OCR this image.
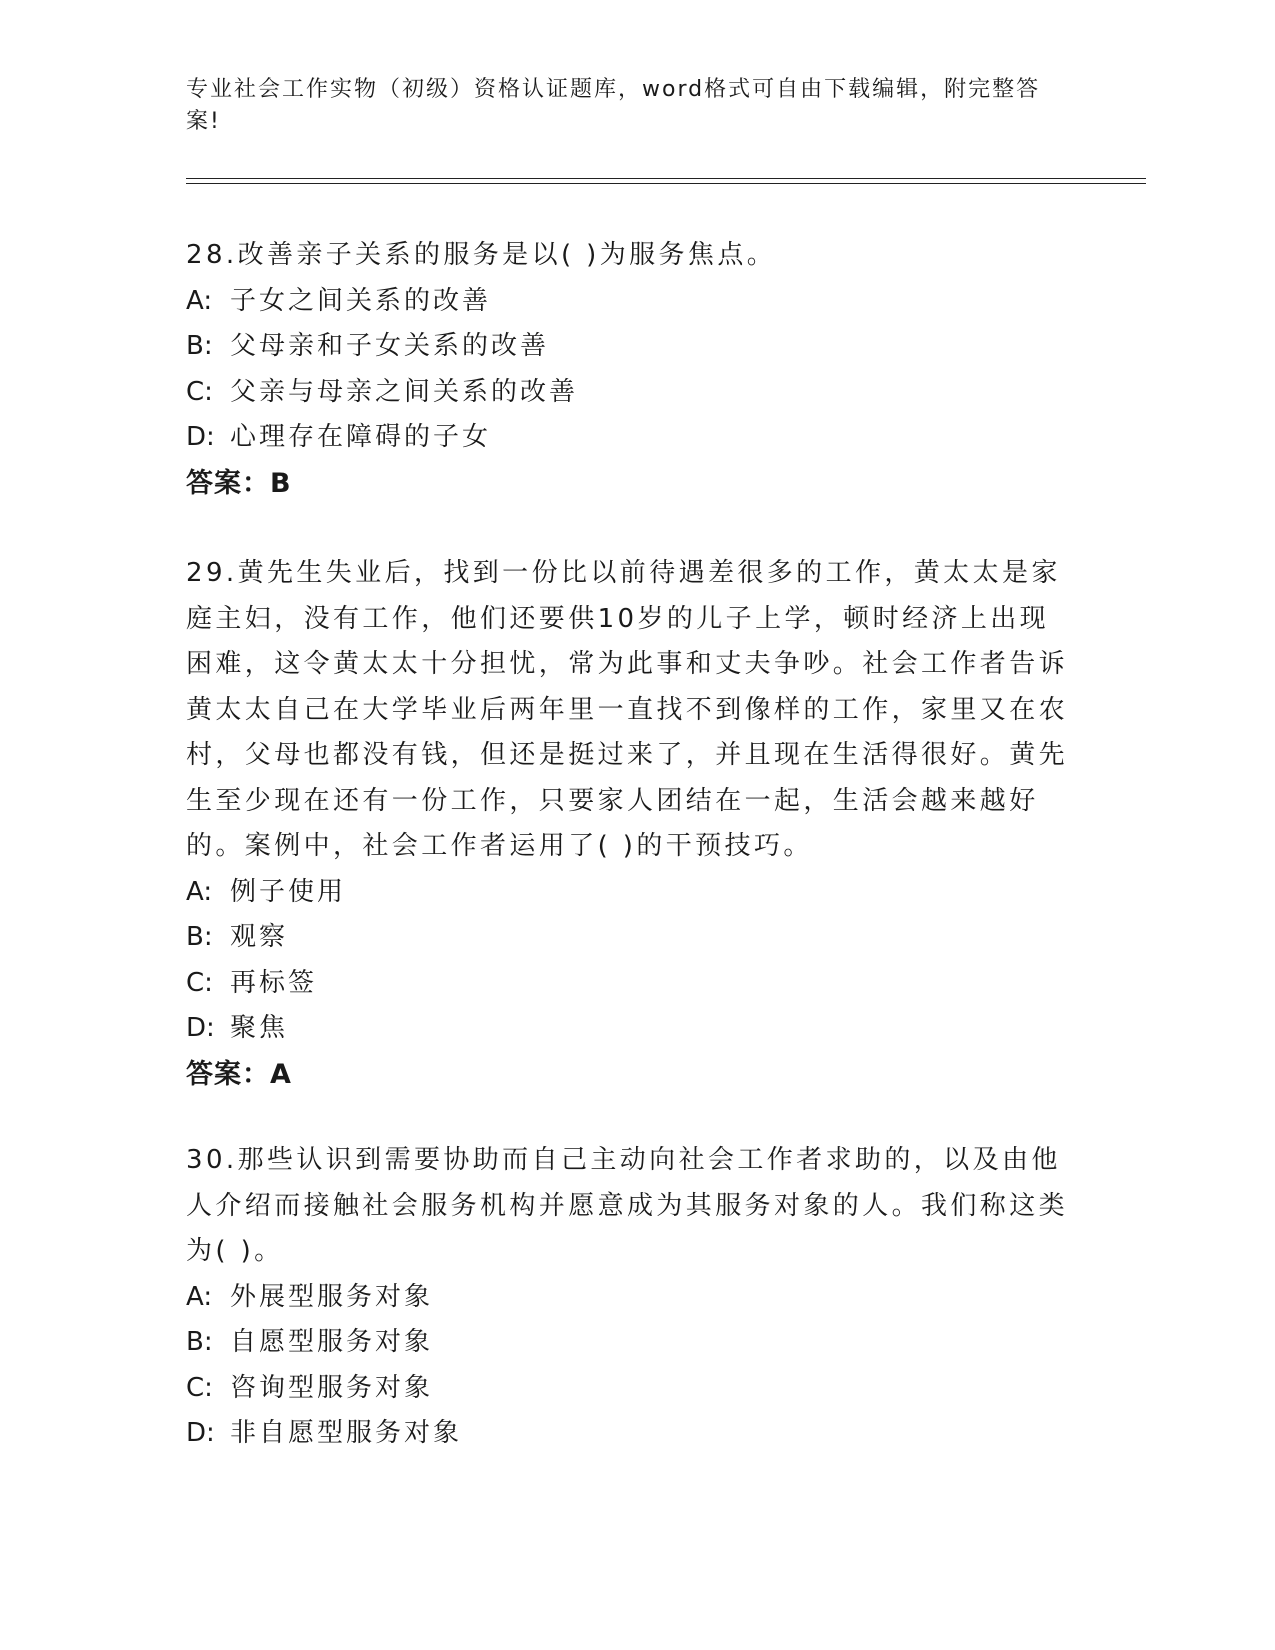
专业社会工作实物（初级）资格认证题库，word格式可自由下载编辑，附完整答案!

28.改善亲子关系的服务是以( )为服务焦点。

A: 子女之间关系的改善

B: 父母亲和子女关系的改善

C: 父亲与母亲之间关系的改善

D: 心理存在障碍的子女

答案：B

29.黄先生失业后，找到一份比以前待遇差很多的工作，黄太太是家庭主妇，没有工作，他们还要供10岁的儿子上学，顿时经济上出现困难，这令黄太太十分担忧，常为此事和丈夫争吵。社会工作者告诉黄太太自己在大学毕业后两年里一直找不到像样的工作，家里又在农村，父母也都没有钱，但还是挺过来了，并且现在生活得很好。黄先生至少现在还有一份工作，只要家人团结在一起，生活会越来越好的。案例中，社会工作者运用了( )的干预技巧。

A: 例子使用

B: 观察

C: 再标签

D: 聚焦

答案：A

30.那些认识到需要协助而自己主动向社会工作者求助的，以及由他人介绍而接触社会服务机构并愿意成为其服务对象的人。我们称这类为( )。

A: 外展型服务对象

B: 自愿型服务对象

C: 咨询型服务对象

D: 非自愿型服务对象
